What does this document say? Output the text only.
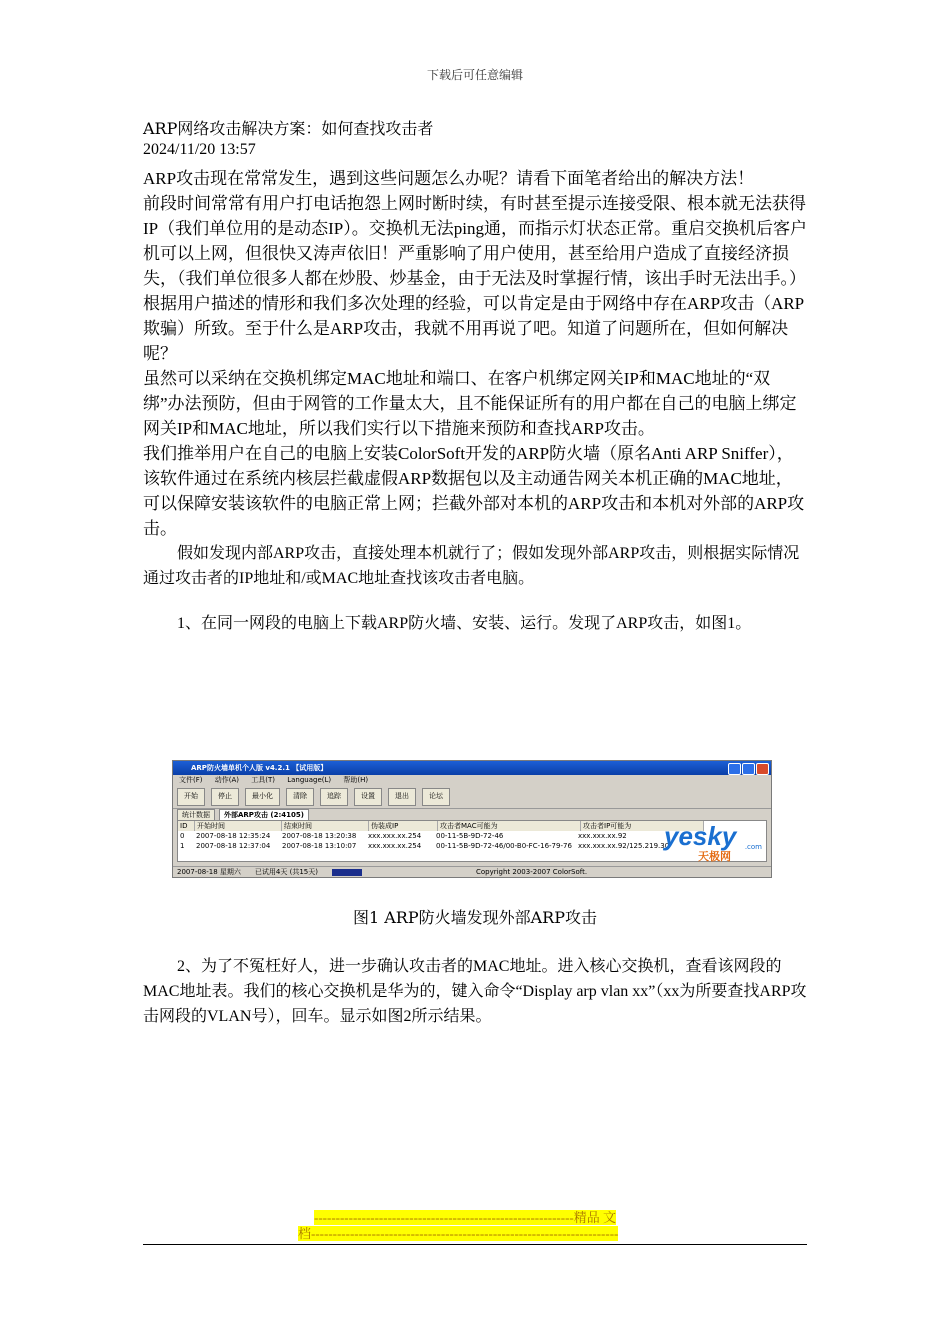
下载后可任意编辑

ARP网络攻击解决方案：如何查找攻击者

2024/11/20 13:57

ARP攻击现在常常发生，遇到这些问题怎么办呢？请看下面笔者给出的解决方法！

前段时间常常有用户打电话抱怨上网时断时续，有时甚至提示连接受限、根本就无法获得IP（我们单位用的是动态IP）。交换机无法ping通，而指示灯状态正常。重启交换机后客户机可以上网，但很快又涛声依旧！严重影响了用户使用，甚至给用户造成了直接经济损失，（我们单位很多人都在炒股、炒基金，由于无法及时掌握行情，该出手时无法出手。）

根据用户描述的情形和我们多次处理的经验，可以肯定是由于网络中存在ARP攻击（ARP欺骗）所致。至于什么是ARP攻击，我就不用再说了吧。知道了问题所在，但如何解决呢？

虽然可以采纳在交换机绑定MAC地址和端口、在客户机绑定网关IP和MAC地址的“双绑”办法预防，但由于网管的工作量太大，且不能保证所有的用户都在自己的电脑上绑定网关IP和MAC地址，所以我们实行以下措施来预防和查找ARP攻击。

我们推举用户在自己的电脑上安装ColorSoft开发的ARP防火墙（原名Anti ARP Sniffer），该软件通过在系统内核层拦截虚假ARP数据包以及主动通告网关本机正确的MAC地址，可以保障安装该软件的电脑正常上网；拦截外部对本机的ARP攻击和本机对外部的ARP攻击。

假如发现内部ARP攻击，直接处理本机就行了；假如发现外部ARP攻击，则根据实际情况通过攻击者的IP地址和/或MAC地址查找该攻击者电脑。

1、在同一网段的电脑上下载ARP防火墙、安装、运行。发现了ARP攻击，如图1。

ARP防火墙单机个人版 v4.2.1 【试用版】
文件(F) 动作(A) 工具(T) Language(L) 帮助(H)
开始	停止	最小化	清除	追踪	设置	退出	论坛
统计数据	外部ARP攻击 (2:4105)
ID	开始时间	结束时间	伪装成IP	攻击者MAC可能为	攻击者IP可能为
0	2007-08-18 12:35:24	2007-08-18 13:20:38	xxx.xxx.xx.254	00-11-5B-9D-72-46	xxx.xxx.xx.92
1	2007-08-18 12:37:04	2007-08-18 13:10:07	xxx.xxx.xx.254	00-11-5B-9D-72-46/00-B0-FC-16-79-76 xxx.xxx.xx.92/125.219.30
yesky .com
天极网
2007-08-18 星期六 已试用4天 (共15天)	Copyright 2003-2007 ColorSoft.
图1 ARP防火墙发现外部ARP攻击

2、为了不冤枉好人，进一步确认攻击者的MAC地址。进入核心交换机，查看该网段的MAC地址表。我们的核心交换机是华为的，键入命令“Display arp vlan xx”（xx为所要查找ARP攻击网段的VLAN号），回车。显示如图2所示结果。

------------------------------------------------------------精品 文
档-----------------------------------------------------------------------
